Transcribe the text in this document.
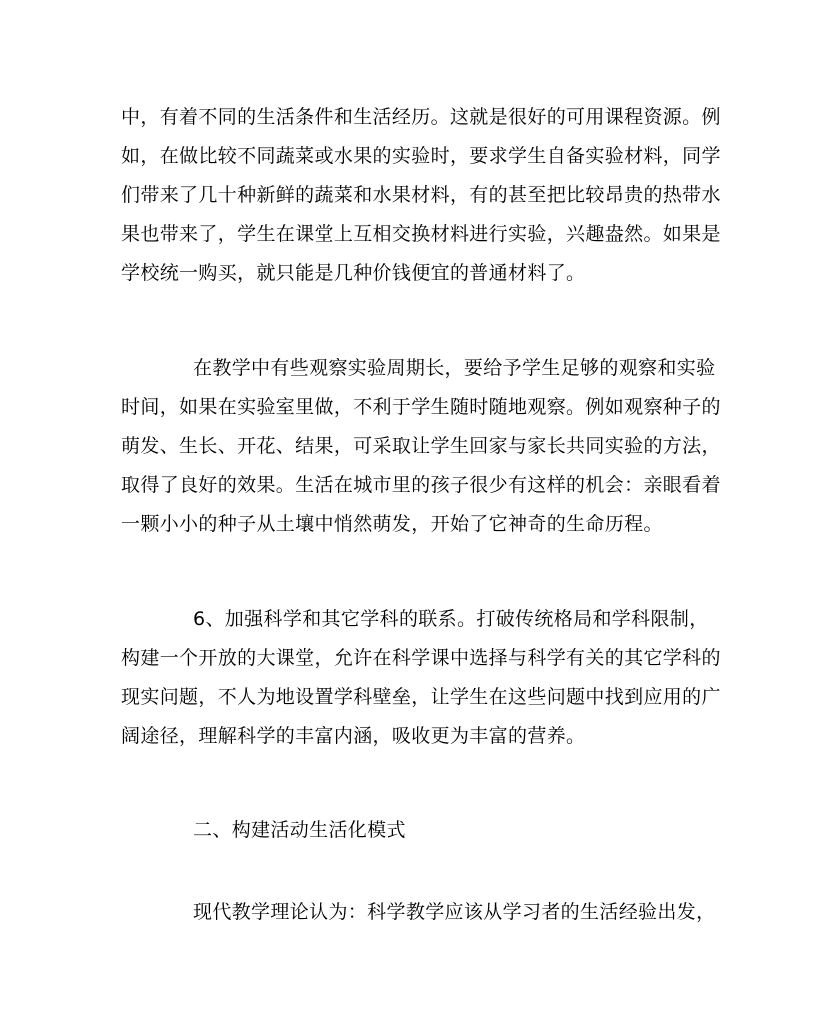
中，有着不同的生活条件和生活经历。这就是很好的可用课程资源。例
如，在做比较不同蔬菜或水果的实验时，要求学生自备实验材料，同学
们带来了几十种新鲜的蔬菜和水果材料，有的甚至把比较昂贵的热带水
果也带来了，学生在课堂上互相交换材料进行实验，兴趣盎然。如果是
学校统一购买，就只能是几种价钱便宜的普通材料了。
在教学中有些观察实验周期长，要给予学生足够的观察和实验
时间，如果在实验室里做，不利于学生随时随地观察。例如观察种子的
萌发、生长、开花、结果，可采取让学生回家与家长共同实验的方法，
取得了良好的效果。生活在城市里的孩子很少有这样的机会：亲眼看着
一颗小小的种子从土壤中悄然萌发，开始了它神奇的生命历程。
6、加强科学和其它学科的联系。打破传统格局和学科限制，
构建一个开放的大课堂，允许在科学课中选择与科学有关的其它学科的
现实问题，不人为地设置学科壁垒，让学生在这些问题中找到应用的广
阔途径，理解科学的丰富内涵，吸收更为丰富的营养。
二、构建活动生活化模式
现代教学理论认为：科学教学应该从学习者的生活经验出发，
